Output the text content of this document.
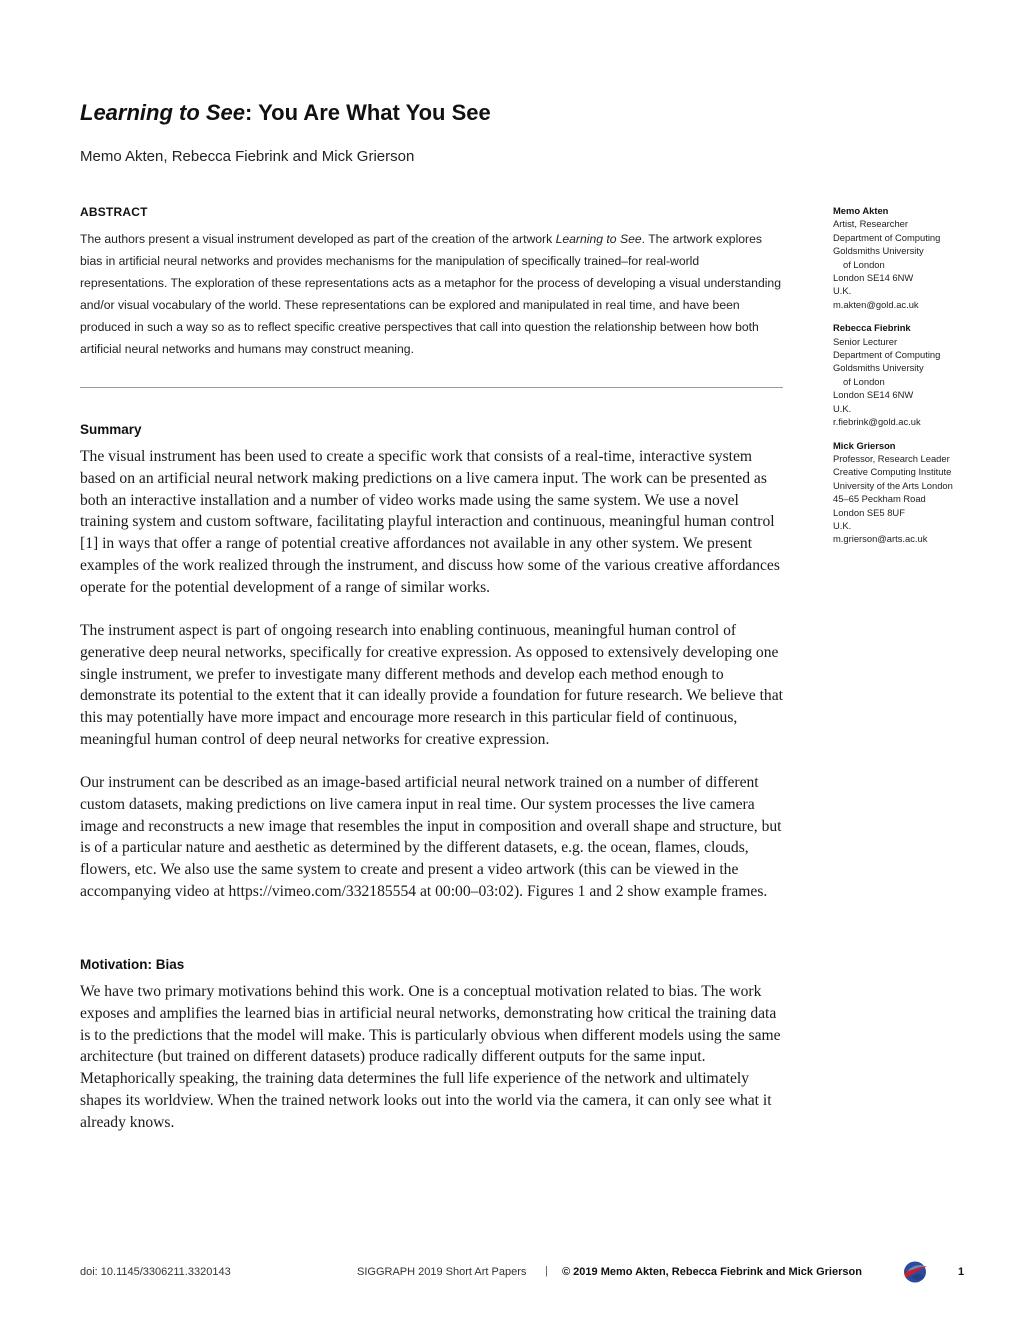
Learning to See: You Are What You See
Memo Akten, Rebecca Fiebrink and Mick Grierson
ABSTRACT

The authors present a visual instrument developed as part of the creation of the artwork Learning to See. The artwork explores bias in artificial neural networks and provides mechanisms for the manipulation of specifically trained–for real-world representations. The exploration of these representations acts as a metaphor for the process of developing a visual understanding and/or visual vocabulary of the world. These representations can be explored and manipulated in real time, and have been produced in such a way so as to reflect specific creative perspectives that call into question the relationship between how both artificial neural networks and humans may construct meaning.

Summary

The visual instrument has been used to create a specific work that consists of a real-time, interactive system based on an artificial neural network making predictions on a live camera input. The work can be presented as both an interactive installation and a number of video works made using the same system. We use a novel training system and custom software, facilitating playful interaction and continuous, meaningful human control [1] in ways that offer a range of potential creative affordances not available in any other system. We present examples of the work realized through the instrument, and discuss how some of the various creative affordances operate for the potential development of a range of similar works.

The instrument aspect is part of ongoing research into enabling continuous, meaningful human control of generative deep neural networks, specifically for creative expression. As opposed to extensively developing one single instrument, we prefer to investigate many different methods and develop each method enough to demonstrate its potential to the extent that it can ideally provide a foundation for future research. We believe that this may potentially have more impact and encourage more research in this particular field of continuous, meaningful human control of deep neural networks for creative expression.

Our instrument can be described as an image-based artificial neural network trained on a number of different custom datasets, making predictions on live camera input in real time. Our system processes the live camera image and reconstructs a new image that resembles the input in composition and overall shape and structure, but is of a particular nature and aesthetic as determined by the different datasets, e.g. the ocean, flames, clouds, flowers, etc. We also use the same system to create and present a video artwork (this can be viewed in the accompanying video at https://vimeo.com/332185554 at 00:00–03:02). Figures 1 and 2 show example frames.

Motivation: Bias

We have two primary motivations behind this work. One is a conceptual motivation related to bias. The work exposes and amplifies the learned bias in artificial neural networks, demonstrating how critical the training data is to the predictions that the model will make. This is particularly obvious when different models using the same architecture (but trained on different datasets) produce radically different outputs for the same input. Metaphorically speaking, the training data determines the full life experience of the network and ultimately shapes its worldview. When the trained network looks out into the world via the camera, it can only see what it already knows.

Memo Akten
Artist, Researcher
Department of Computing
Goldsmiths University
of London
London SE14 6NW
U.K.
m.akten@gold.ac.uk
Rebecca Fiebrink
Senior Lecturer
Department of Computing
Goldsmiths University
of London
London SE14 6NW
U.K.
r.fiebrink@gold.ac.uk
Mick Grierson
Professor, Research Leader
Creative Computing Institute
University of the Arts London
45–65 Peckham Road
London SE5 8UF
U.K.
m.grierson@arts.ac.uk
doi: 10.1145/3306211.3320143	SIGGRAPH 2019 Short Art Papers | © 2019 Memo Akten, Rebecca Fiebrink and Mick Grierson	1
